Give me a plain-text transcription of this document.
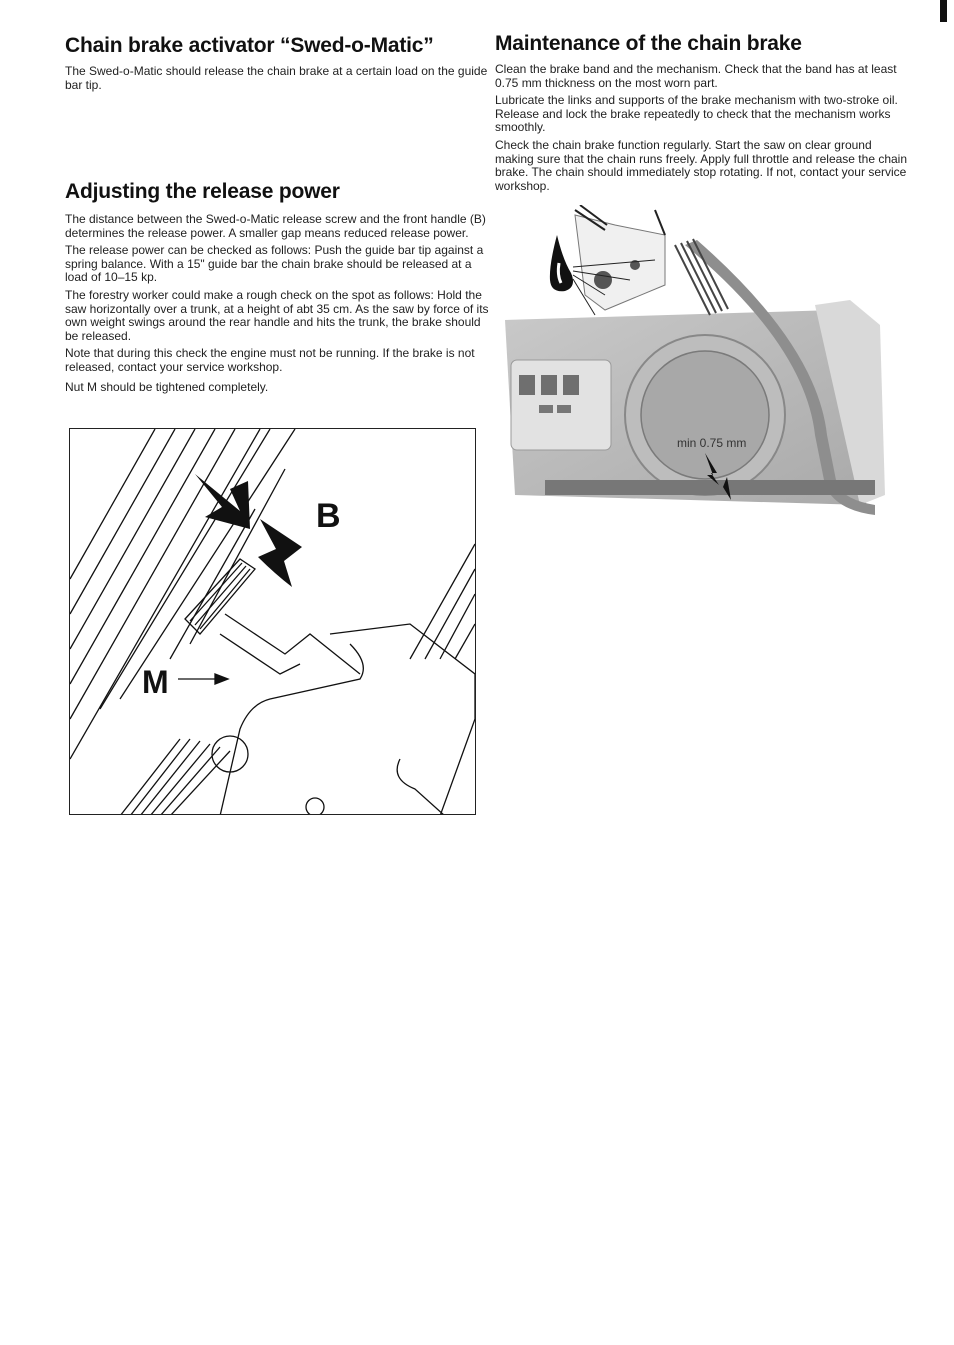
Chain brake activator “Swed-o-Matic”

The Swed-o-Matic should release the chain brake at a certain load on the guide bar tip.

Adjusting the release power

The distance between the Swed-o-Matic release screw and the front handle (B) determines the release power. A smaller gap means reduced release power.

The release power can be checked as follows: Push the guide bar tip against a spring balance. With a 15" guide bar the chain brake should be released at a load of 10–15 kp.

The forestry worker could make a rough check on the spot as follows: Hold the saw horizontally over a trunk, at a height of abt 35 cm. As the saw by force of its own weight swings around the rear handle and hits the trunk, the brake should be released.

Note that during this check the engine must not be running. If the brake is not released, contact your service workshop.

Nut M should be tightened completely.

B
M
Maintenance of the chain brake

Clean the brake band and the mechanism. Check that the band has at least 0.75 mm thickness on the most worn part.

Lubricate the links and supports of the brake mechanism with two-stroke oil. Release and lock the brake repeatedly to check that the mechanism works smoothly.

Check the chain brake function regularly. Start the saw on clear ground making sure that the chain runs freely. Apply full throttle and release the chain brake. The chain should immediately stop rotating. If not, contact your service workshop.

min 0.75 mm
